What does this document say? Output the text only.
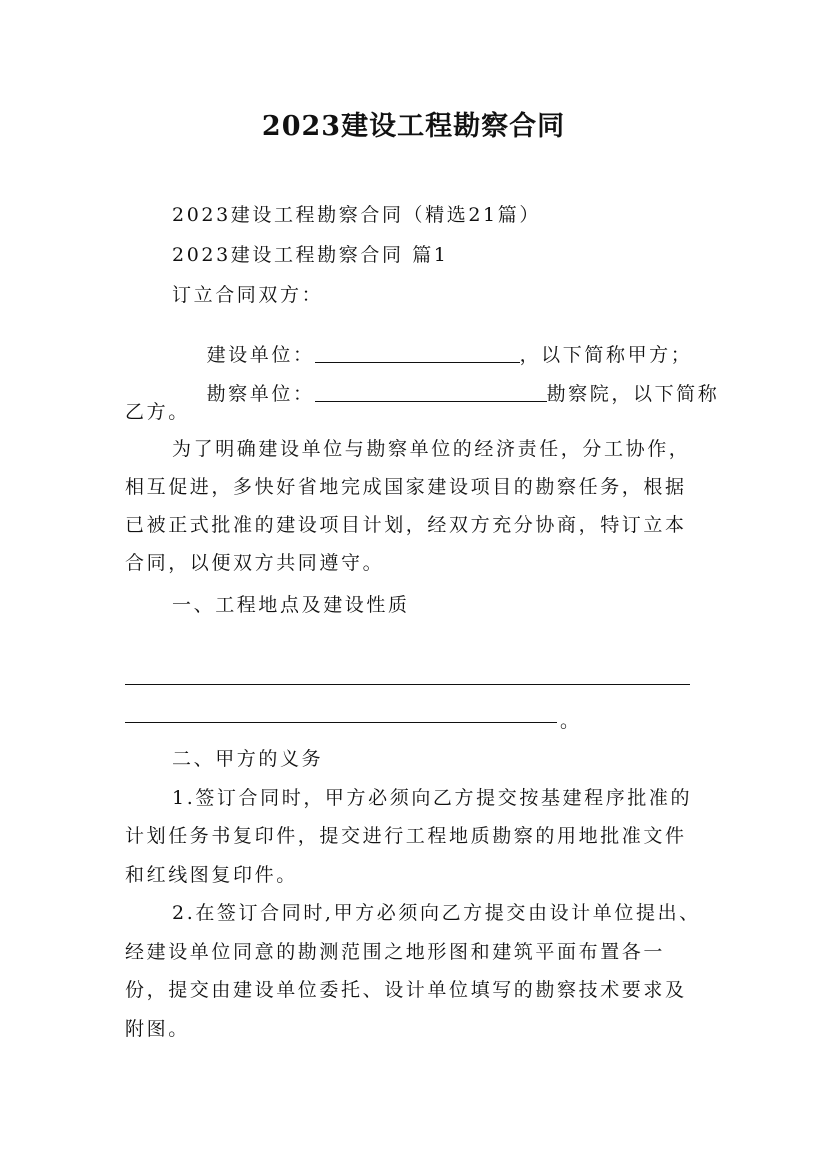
2023建设工程勘察合同
2023建设工程勘察合同（精选21篇）
2023建设工程勘察合同 篇1
订立合同双方：

建设单位：	，以下简称甲方；

勘察单位：	勘察院，以下简称

乙方。
为了明确建设单位与勘察单位的经济责任，分工协作，
相互促进，多快好省地完成国家建设项目的勘察任务，根据
已被正式批准的建设项目计划，经双方充分协商，特订立本
合同，以便双方共同遵守。
一、工程地点及建设性质
。
二、甲方的义务
1.签订合同时，甲方必须向乙方提交按基建程序批准的
计划任务书复印件，提交进行工程地质勘察的用地批准文件
和红线图复印件。
2.在签订合同时,甲方必须向乙方提交由设计单位提出、
经建设单位同意的勘测范围之地形图和建筑平面布置各一
份，提交由建设单位委托、设计单位填写的勘察技术要求及
附图。
